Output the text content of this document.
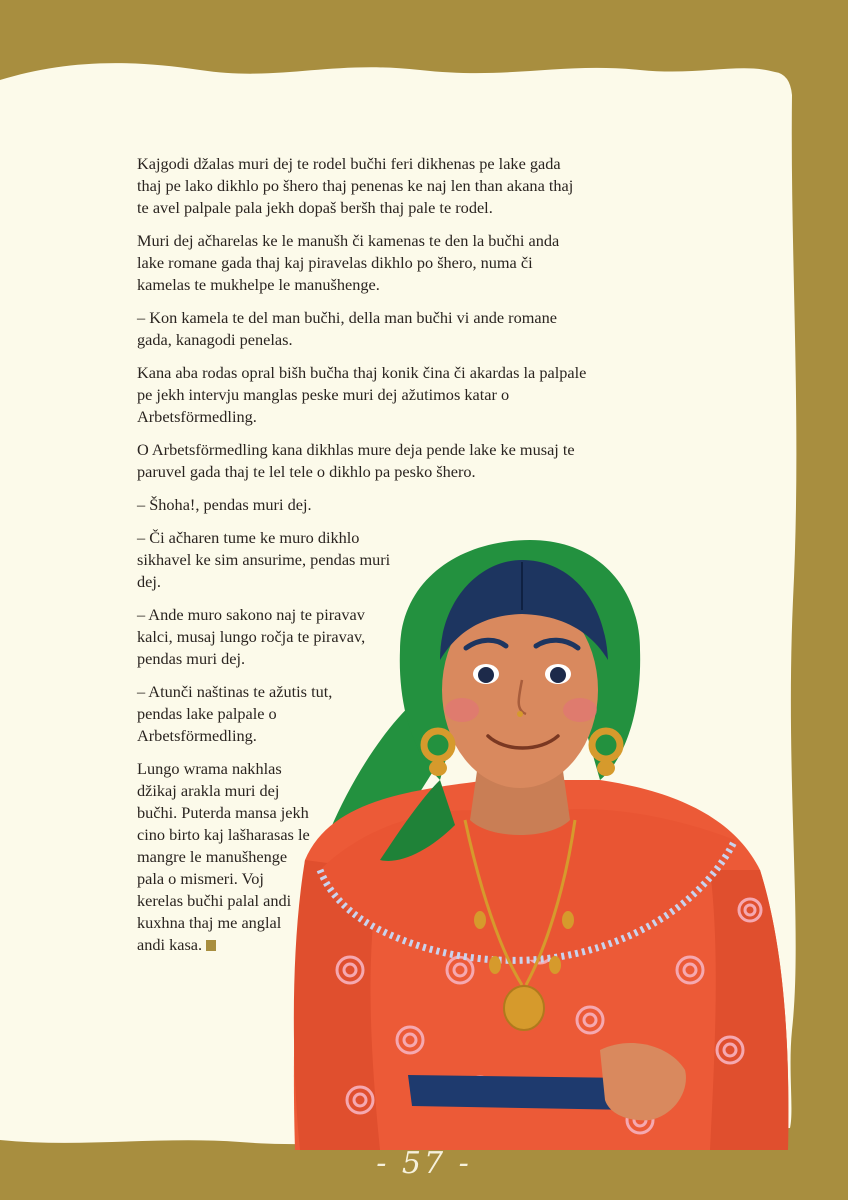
Kajgodi džalas muri dej te rodel bučhi feri dikhenas pe lake gada thaj pe lako dikhlo po šhero thaj penenas ke naj len than akana thaj te avel palpale pala jekh dopaš beršh thaj pale te rodel.

Muri dej ačharelas ke le manušh či kamenas te den la bučhi anda lake romane gada thaj kaj piravelas dikhlo po šhero, numa či kamelas te mukhelpe le manušhenge.

– Kon kamela te del man bučhi, della man bučhi vi ande romane gada, kanagodi penelas.

Kana aba rodas opral bišh bučha thaj konik čina či akardas la palpale pe jekh intervju manglas peske muri dej ažutimos katar o Arbetsförmedling.

O Arbetsförmedling kana dikhlas mure deja pende lake ke musaj te paruvel gada thaj te lel tele o dikhlo pa pesko šhero.

– Šhoha!, pendas muri dej.

– Či ačharen tume ke muro dikhlo sikhavel ke sim ansurime, pendas muri dej.

– Ande muro sakono naj te piravav kalci, musaj lungo ročja te piravav, pendas muri dej.

– Atunči naštinas te ažutis tut, pendas lake palpale o Arbetsförmedling.

Lungo wrama nakhlas džikaj arakla muri dej bučhi. Puterda mansa jekh cino birto kaj lašharasas le mangre le manušhenge pala o mismeri. Voj kerelas bučhi palal andi kuxhna thaj me anglal andi kasa.

- 57 -
